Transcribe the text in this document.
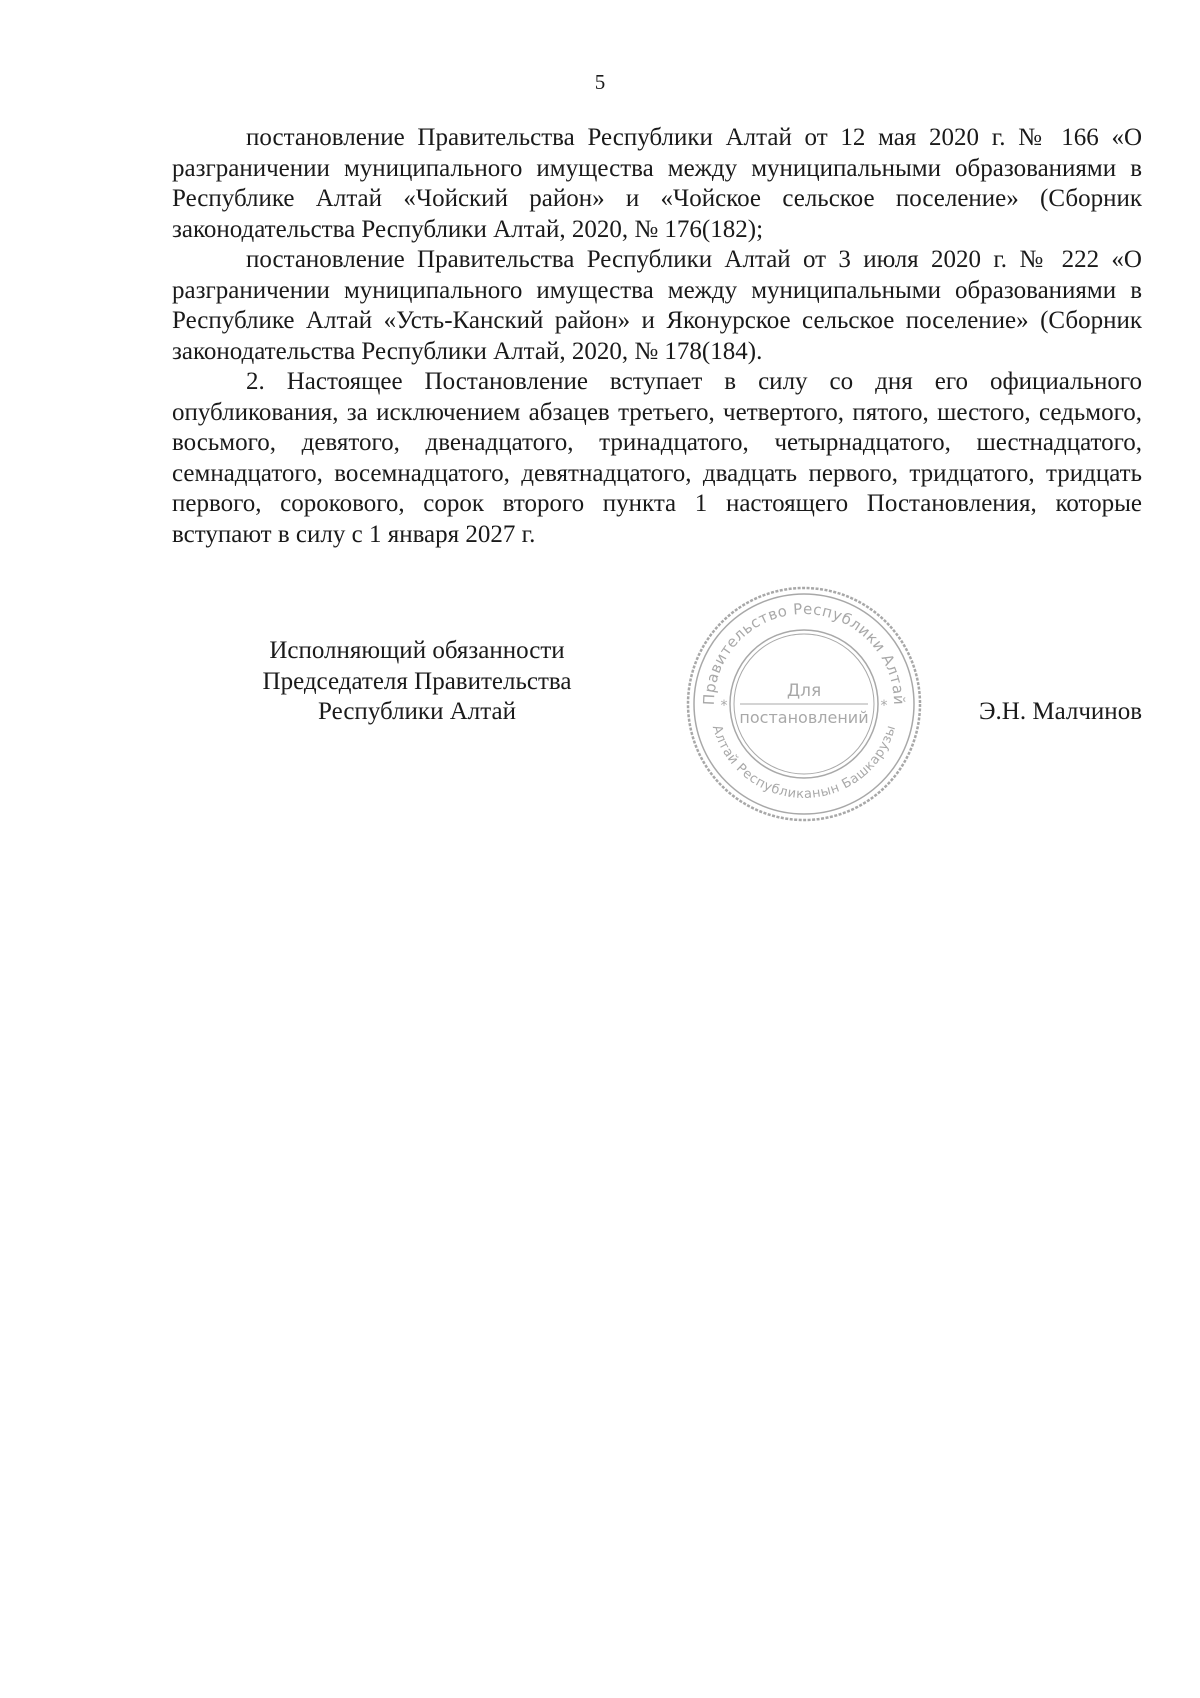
5

постановление Правительства Республики Алтай от 12 мая 2020 г. № 166 «О разграничении муниципального имущества между муниципальными образованиями в Республике Алтай «Чойский район» и «Чойское сельское поселение» (Сборник законодательства Республики Алтай, 2020, № 176(182);

постановление Правительства Республики Алтай от 3 июля 2020 г. № 222 «О разграничении муниципального имущества между муниципальными образованиями в Республике Алтай «Усть-Канский район» и Яконурское сельское поселение» (Сборник законодательства Республики Алтай, 2020, № 178(184).

2. Настоящее Постановление вступает в силу со дня его официального опубликования, за исключением абзацев третьего, четвертого, пятого, шестого, седьмого, восьмого, девятого, двенадцатого, тринадцатого, четырнадцатого, шестнадцатого, семнадцатого, восемнадцатого, девятнадцатого, двадцать первого, тридцатого, тридцать первого, сорокового, сорок второго пункта 1 настоящего Постановления, которые вступают в силу с 1 января 2027 г.

Исполняющий обязанности
Председателя Правительства
Республики Алтай	Э.Н. Малчинов
Правительство Республики Алтай
Алтай Республиканын Башкарузы
Для
постановлений
*	*
